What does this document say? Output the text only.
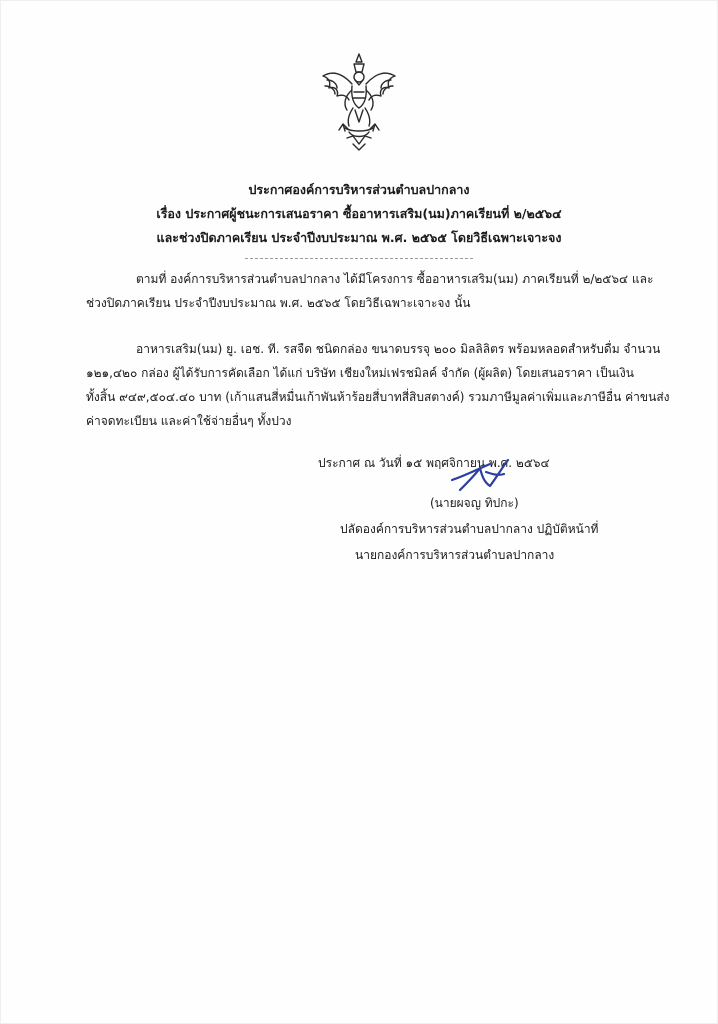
ประกาศองค์การบริหารส่วนตำบลปากลาง
เรื่อง ประกาศผู้ชนะการเสนอราคา ซื้ออาหารเสริม(นม)ภาคเรียนที่ ๒/๒๕๖๔
และช่วงปิดภาคเรียน ประจำปีงบประมาณ พ.ศ. ๒๕๖๕ โดยวิธีเฉพาะเจาะจง
ตามที่ องค์การบริหารส่วนตำบลปากลาง ได้มีโครงการ ซื้ออาหารเสริม(นม) ภาคเรียนที่ ๒/๒๕๖๔ และ
ช่วงปิดภาคเรียน ประจำปีงบประมาณ พ.ศ. ๒๕๖๕ โดยวิธีเฉพาะเจาะจง นั้น
อาหารเสริม(นม) ยู. เอช. ที. รสจืด ชนิดกล่อง ขนาดบรรจุ ๒๐๐ มิลลิลิตร พร้อมหลอดสำหรับดื่ม จำนวน
๑๒๑,๔๒๐ กล่อง ผู้ได้รับการคัดเลือก ได้แก่ บริษัท เชียงใหม่เฟรชมิลค์ จำกัด (ผู้ผลิต) โดยเสนอราคา เป็นเงิน
ทั้งสิ้น ๙๔๙,๕๐๔.๔๐ บาท (เก้าแสนสี่หมื่นเก้าพันห้าร้อยสี่บาทสี่สิบสตางค์) รวมภาษีมูลค่าเพิ่มและภาษีอื่น ค่าขนส่ง
ค่าจดทะเบียน และค่าใช้จ่ายอื่นๆ ทั้งปวง
ประกาศ ณ วันที่ ๑๕ พฤศจิกายน พ.ศ. ๒๕๖๔
(นายผจญ ทิปกะ)
ปลัดองค์การบริหารส่วนตำบลปากลาง ปฏิบัติหน้าที่
นายกองค์การบริหารส่วนตำบลปากลาง
